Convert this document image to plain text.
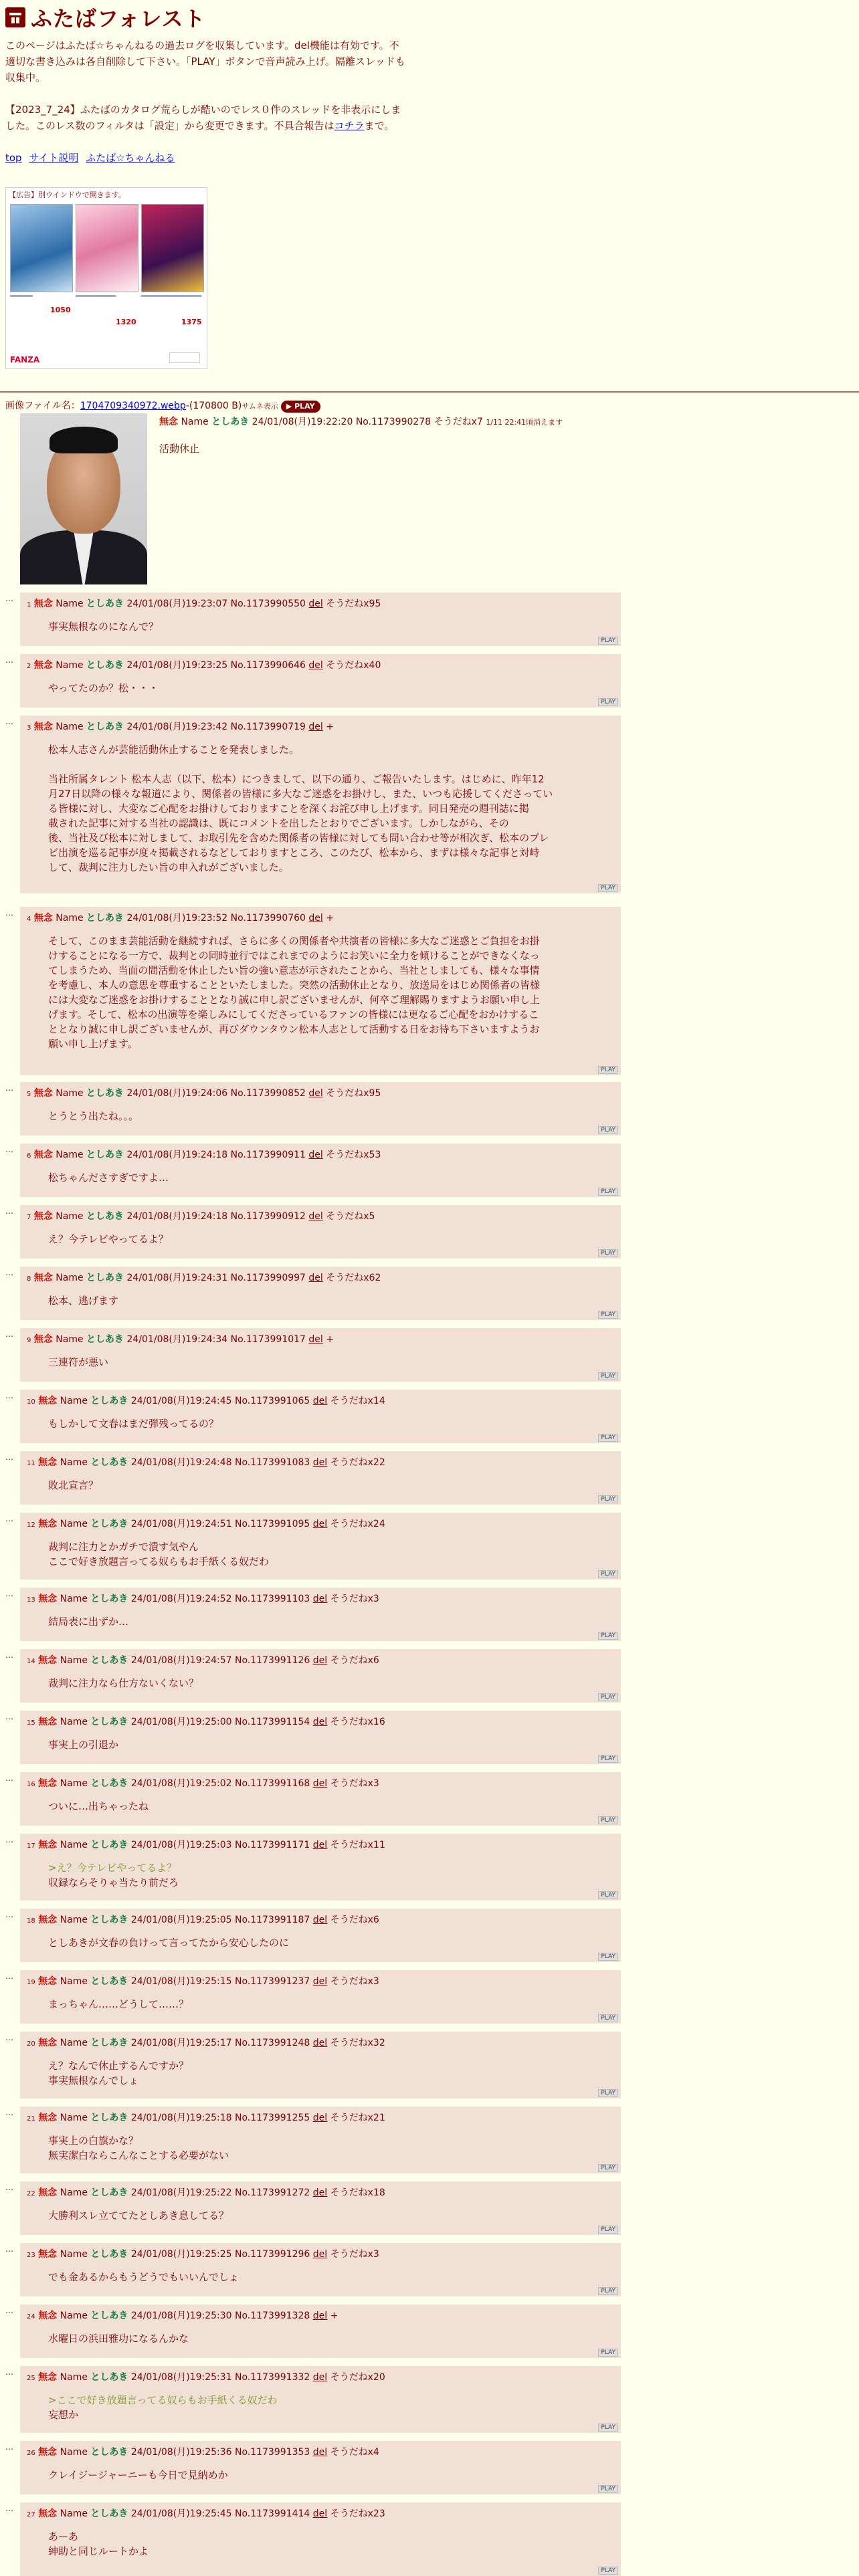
ふたばフォレスト

このページはふたば☆ちゃんねるの過去ログを収集しています。del機能は有効です。不適切な書き込みは各自削除して下さい。「PLAY」ボタンで音声読み上げ。隔離スレッドも収集中。

【2023_7_24】ふたばのカタログ荒らしが酷いのでレス０件のスレッドを非表示にしました。このレス数のフィルタは「設定」から変更できます。不具合報告はコチラまで。

top サイト説明 ふたば☆ちゃんねる
【広告】別ウインドウで開きます。
1050
1320	1375
FANZA
画像ファイル名：1704709340972.webp-(170800 B)サムネ表示 ▶ PLAY
無念 Name としあき 24/01/08(月)19:22:20 No.1173990278 そうだねx7 1/11 22:41頃消えます
活動休止
…
1 無念 Name としあき 24/01/08(月)19:23:07 No.1173990550 del そうだねx95
事実無根なのになんで？
PLAY
…
2 無念 Name としあき 24/01/08(月)19:23:25 No.1173990646 del そうだねx40
やってたのか？松・・・
PLAY
…
3 無念 Name としあき 24/01/08(月)19:23:42 No.1173990719 del +
松本人志さんが芸能活動休止することを発表しました。
当社所属タレント 松本人志（以下、松本）につきまして、以下の通り、ご報告いたします。はじめに、昨年12
月27日以降の様々な報道により、関係者の皆様に多大なご迷惑をお掛けし、また、いつも応援してくださってい
る皆様に対し、大変なご心配をお掛けしておりますことを深くお詫び申し上げます。同日発売の週刊誌に掲
載された記事に対する当社の認識は、既にコメントを出したとおりでございます。しかしながら、その
後、当社及び松本に対しまして、お取引先を含めた関係者の皆様に対しても問い合わせ等が相次ぎ、松本のプレ
ビ出演を巡る記事が度々掲載されるなどしておりますところ、このたび、松本から、まずは様々な記事と対峙
して、裁判に注力したい旨の申入れがございました。
PLAY
…
4 無念 Name としあき 24/01/08(月)19:23:52 No.1173990760 del +
そして、このまま芸能活動を継続すれば、さらに多くの関係者や共演者の皆様に多大なご迷惑とご負担をお掛
けすることになる一方で、裁判との同時並行ではこれまでのようにお笑いに全力を傾けることができなくなっ
てしまうため、当面の間活動を休止したい旨の強い意志が示されたことから、当社としましても、様々な事情
を考慮し、本人の意思を尊重することといたしました。突然の活動休止となり、放送局をはじめ関係者の皆様
には大変なご迷惑をお掛けすることとなり誠に申し訳ございませんが、何卒ご理解賜りますようお願い申し上
げます。そして、松本の出演等を楽しみにしてくださっているファンの皆様には更なるご心配をおかけするこ
ととなり誠に申し訳ございませんが、再びダウンタウン松本人志として活動する日をお待ち下さいますようお
願い申し上げます。
PLAY
…
5 無念 Name としあき 24/01/08(月)19:24:06 No.1173990852 del そうだねx95
とうとう出たね。。。
PLAY
…
6 無念 Name としあき 24/01/08(月)19:24:18 No.1173990911 del そうだねx53
松ちゃんださすぎですよ…
PLAY
…
7 無念 Name としあき 24/01/08(月)19:24:18 No.1173990912 del そうだねx5
え？今テレビやってるよ？
PLAY
…
8 無念 Name としあき 24/01/08(月)19:24:31 No.1173990997 del そうだねx62
松本、逃げます
PLAY
…
9 無念 Name としあき 24/01/08(月)19:24:34 No.1173991017 del +
三連符が悪い
PLAY
…
10 無念 Name としあき 24/01/08(月)19:24:45 No.1173991065 del そうだねx14
もしかして文春はまだ弾残ってるの？
PLAY
…
11 無念 Name としあき 24/01/08(月)19:24:48 No.1173991083 del そうだねx22
敗北宣言？
PLAY
…
12 無念 Name としあき 24/01/08(月)19:24:51 No.1173991095 del そうだねx24
裁判に注力とかガチで潰す気やん
ここで好き放題言ってる奴らもお手紙くる奴だわ
PLAY
…
13 無念 Name としあき 24/01/08(月)19:24:52 No.1173991103 del そうだねx3
結局表に出ずか…
PLAY
…
14 無念 Name としあき 24/01/08(月)19:24:57 No.1173991126 del そうだねx6
裁判に注力なら仕方ないくない？
PLAY
…
15 無念 Name としあき 24/01/08(月)19:25:00 No.1173991154 del そうだねx16
事実上の引退か
PLAY
…
16 無念 Name としあき 24/01/08(月)19:25:02 No.1173991168 del そうだねx3
ついに…出ちゃったね
PLAY
…
17 無念 Name としあき 24/01/08(月)19:25:03 No.1173991171 del そうだねx11
>え？今テレビやってるよ？
収録ならそりゃ当たり前だろ
PLAY
…
18 無念 Name としあき 24/01/08(月)19:25:05 No.1173991187 del そうだねx6
としあきが文春の負けって言ってたから安心したのに
PLAY
…
19 無念 Name としあき 24/01/08(月)19:25:15 No.1173991237 del そうだねx3
まっちゃん……どうして……？
PLAY
…
20 無念 Name としあき 24/01/08(月)19:25:17 No.1173991248 del そうだねx32
え？なんで休止するんですか？
事実無根なんでしょ
PLAY
…
21 無念 Name としあき 24/01/08(月)19:25:18 No.1173991255 del そうだねx21
事実上の白旗かな？
無実潔白ならこんなことする必要がない
PLAY
…
22 無念 Name としあき 24/01/08(月)19:25:22 No.1173991272 del そうだねx18
大勝利スレ立ててたとしあき息してる？
PLAY
…
23 無念 Name としあき 24/01/08(月)19:25:25 No.1173991296 del そうだねx3
でも金あるからもうどうでもいいんでしょ
PLAY
…
24 無念 Name としあき 24/01/08(月)19:25:30 No.1173991328 del +
水曜日の浜田雅功になるんかな
PLAY
…
25 無念 Name としあき 24/01/08(月)19:25:31 No.1173991332 del そうだねx20
>ここで好き放題言ってる奴らもお手紙くる奴だわ
妄想か
PLAY
…
26 無念 Name としあき 24/01/08(月)19:25:36 No.1173991353 del そうだねx4
クレイジージャーニーも今日で見納めか
PLAY
…
27 無念 Name としあき 24/01/08(月)19:25:45 No.1173991414 del そうだねx23
あーあ
紳助と同じルートかよ
PLAY
